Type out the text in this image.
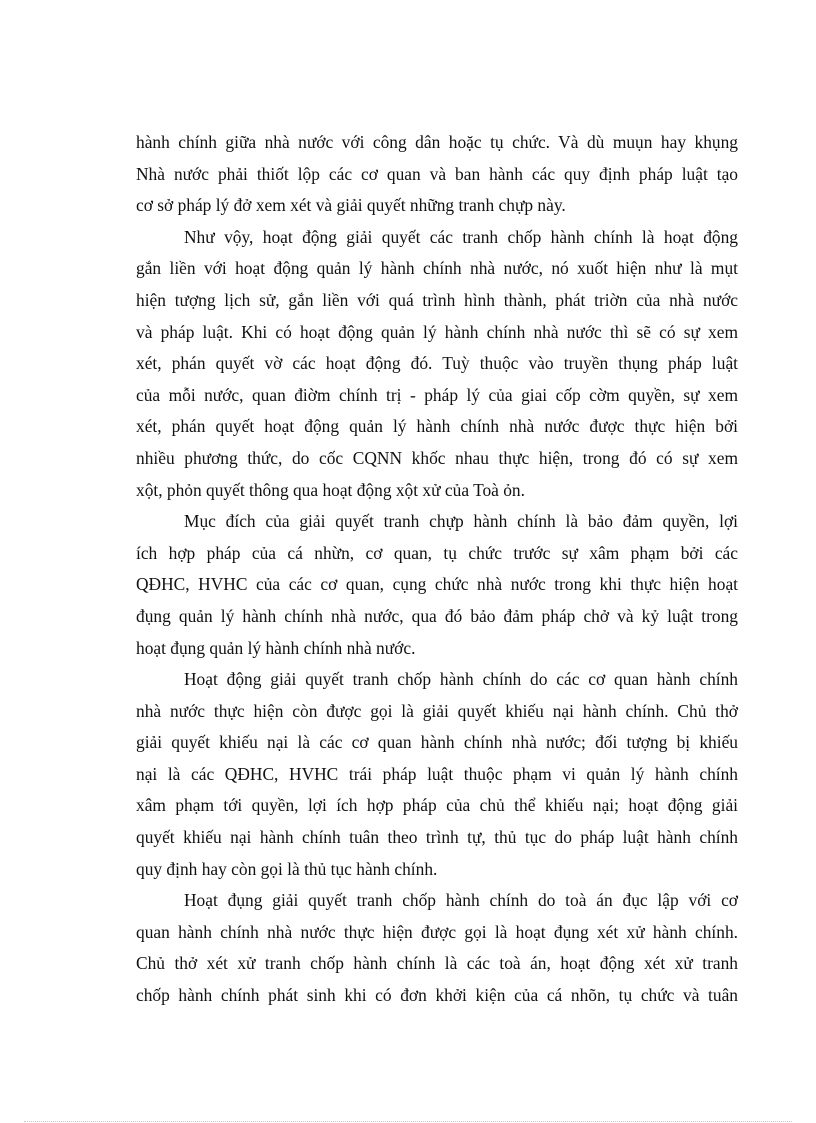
hành chính giữa nhà nước với công dân hoặc tụ chức. Và dù muụn hay khụng
Nhà nước phải thiốt lộp các cơ quan và ban hành các quy định pháp luật tạo
cơ sở pháp lý đở xem xét và giải quyết những tranh chựp này.
Như vộy, hoạt động giải quyết các tranh chốp hành chính là hoạt động
gắn liền với hoạt động quản lý hành chính nhà nước, nó xuốt hiện như là mụt
hiện tượng lịch sử, gắn liền với quá trình hình thành, phát triờn của nhà nước
và pháp luật. Khi có hoạt động quản lý hành chính nhà nước thì sẽ có sự xem
xét, phán quyết vờ các hoạt động đó. Tuỳ thuộc vào truyền thụng pháp luật
của mỗi nước, quan điờm chính trị - pháp lý của giai cốp cờm quyền, sự xem
xét, phán quyết hoạt động quản lý hành chính nhà nước được thực hiện bởi
nhiều phương thức, do cốc CQNN khốc nhau thực hiện, trong đó có sự xem
xột, phỏn quyết thông qua hoạt động xột xử của Toà ỏn.
Mục đích của giải quyết tranh chựp hành chính là bảo đảm quyền, lợi
ích hợp pháp của cá nhừn, cơ quan, tụ chức trước sự xâm phạm bởi các
QĐHC, HVHC của các cơ quan, cụng chức nhà nước trong khi thực hiện hoạt
đụng quản lý hành chính nhà nước, qua đó bảo đảm pháp chở và kỷ luật trong
hoạt đụng quản lý hành chính nhà nước.
Hoạt động giải quyết tranh chốp hành chính do các cơ quan hành chính
nhà nước thực hiện còn được gọi là giải quyết khiếu nại hành chính. Chủ thở
giải quyết khiếu nại là các cơ quan hành chính nhà nước; đối tượng bị khiếu
nại là các QĐHC, HVHC trái pháp luật thuộc phạm vi quản lý hành chính
xâm phạm tới quyền, lợi ích hợp pháp của chủ thể khiếu nại; hoạt động giải
quyết khiếu nại hành chính tuân theo trình tự, thủ tục do pháp luật hành chính
quy định hay còn gọi là thủ tục hành chính.
Hoạt đụng giải quyết tranh chốp hành chính do toà án đục lập với cơ
quan hành chính nhà nước thực hiện được gọi là hoạt đụng xét xử hành chính.
Chủ thở xét xử tranh chốp hành chính là các toà án, hoạt động xét xử tranh
chốp hành chính phát sinh khi có đơn khởi kiện của cá nhõn, tụ chức và tuân
